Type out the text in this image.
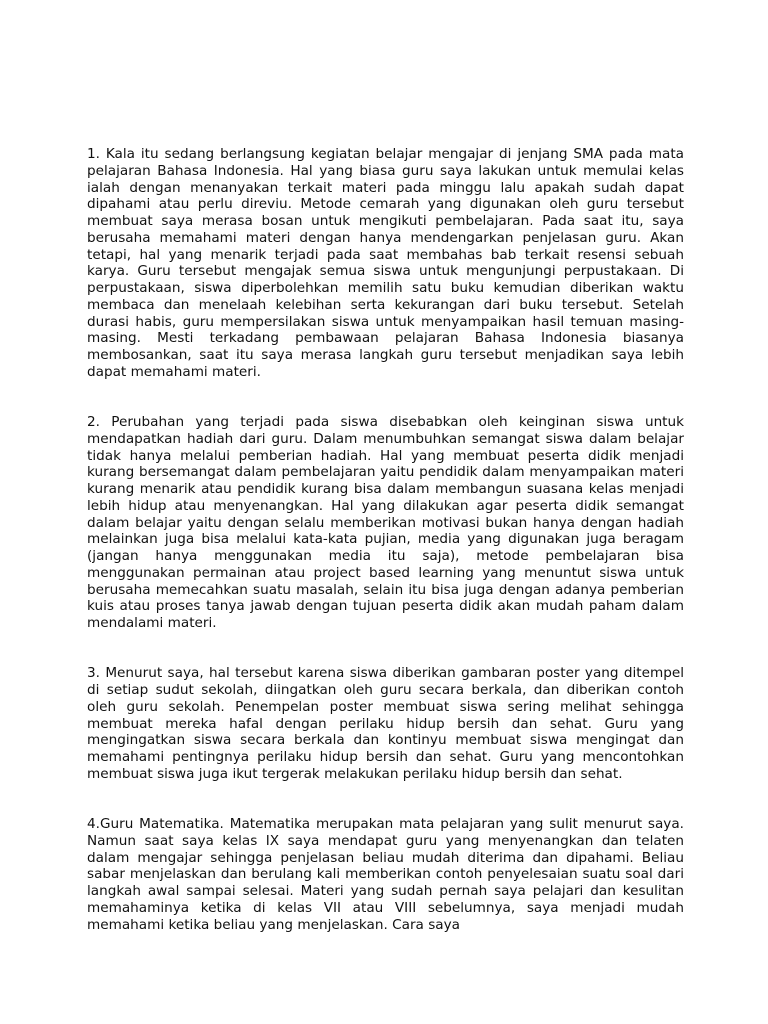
1. Kala itu sedang berlangsung kegiatan belajar mengajar di jenjang SMA pada mata pelajaran Bahasa Indonesia. Hal yang biasa guru saya lakukan untuk memulai kelas ialah dengan menanyakan terkait materi pada minggu lalu apakah sudah dapat dipahami atau perlu direviu. Metode cemarah yang digunakan oleh guru tersebut membuat saya merasa bosan untuk mengikuti pembelajaran. Pada saat itu, saya berusaha memahami materi dengan hanya mendengarkan penjelasan guru. Akan tetapi, hal yang menarik terjadi pada saat membahas bab terkait resensi sebuah karya. Guru tersebut mengajak semua siswa untuk mengunjungi perpustakaan. Di perpustakaan, siswa diperbolehkan memilih satu buku kemudian diberikan waktu membaca dan menelaah kelebihan serta kekurangan dari buku tersebut. Setelah durasi habis, guru mempersilakan siswa untuk menyampaikan hasil temuan masing-masing. Mesti terkadang pembawaan pelajaran Bahasa Indonesia biasanya membosankan, saat itu saya merasa langkah guru tersebut menjadikan saya lebih dapat memahami materi.

2. Perubahan yang terjadi pada siswa disebabkan oleh keinginan siswa untuk mendapatkan hadiah dari guru. Dalam menumbuhkan semangat siswa dalam belajar tidak hanya melalui pemberian hadiah. Hal yang membuat peserta didik menjadi kurang bersemangat dalam pembelajaran yaitu pendidik dalam menyampaikan materi kurang menarik atau pendidik kurang bisa dalam membangun suasana kelas menjadi lebih hidup atau menyenangkan. Hal yang dilakukan agar peserta didik semangat dalam belajar yaitu dengan selalu memberikan motivasi bukan hanya dengan hadiah melainkan juga bisa melalui kata-kata pujian, media yang digunakan juga beragam (jangan hanya menggunakan media itu saja), metode pembelajaran bisa menggunakan permainan atau project based learning yang menuntut siswa untuk berusaha memecahkan suatu masalah, selain itu bisa juga dengan adanya pemberian kuis atau proses tanya jawab dengan tujuan peserta didik akan mudah paham dalam mendalami materi.

3. Menurut saya, hal tersebut karena siswa diberikan gambaran poster yang ditempel di setiap sudut sekolah, diingatkan oleh guru secara berkala, dan diberikan contoh oleh guru sekolah. Penempelan poster membuat siswa sering melihat sehingga membuat mereka hafal dengan perilaku hidup bersih dan sehat. Guru yang mengingatkan siswa secara berkala dan kontinyu membuat siswa mengingat dan memahami pentingnya perilaku hidup bersih dan sehat. Guru yang mencontohkan membuat siswa juga ikut tergerak melakukan perilaku hidup bersih dan sehat.

4.Guru Matematika. Matematika merupakan mata pelajaran yang sulit menurut saya. Namun saat saya kelas IX saya mendapat guru yang menyenangkan dan telaten dalam mengajar sehingga penjelasan beliau mudah diterima dan dipahami. Beliau sabar menjelaskan dan berulang kali memberikan contoh penyelesaian suatu soal dari langkah awal sampai selesai. Materi yang sudah pernah saya pelajari dan kesulitan memahaminya ketika di kelas VII atau VIII sebelumnya, saya menjadi mudah memahami ketika beliau yang menjelaskan. Cara saya
